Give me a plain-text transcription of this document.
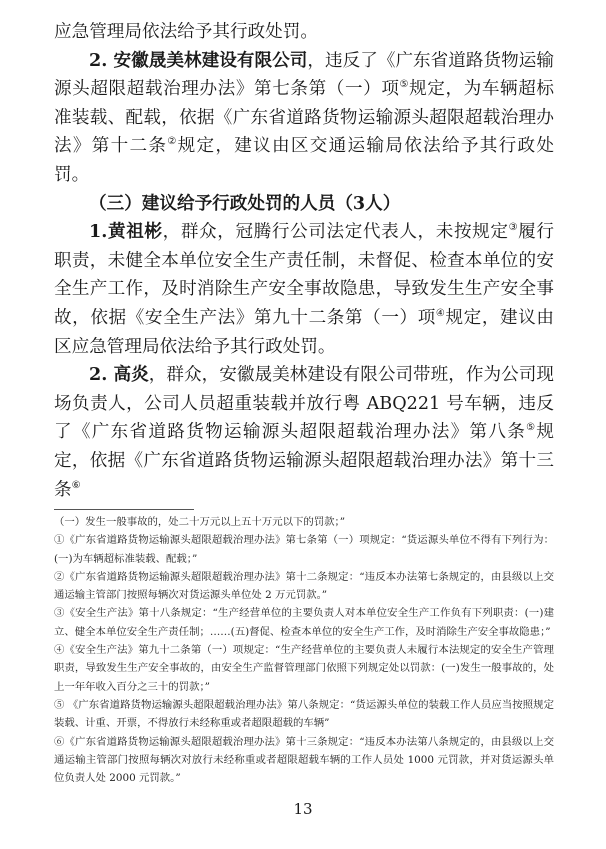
应急管理局依法给予其行政处罚。

2. 安徽晟美林建设有限公司，违反了《广东省道路货物运输源头超限超载治理办法》第七条第（一）项⑤规定，为车辆超标准装载、配载，依据《广东省道路货物运输源头超限超载治理办法》第十二条②规定，建议由区交通运输局依法给予其行政处罚。

（三）建议给予行政处罚的人员（3人）

1.黄祖彬，群众，冠腾行公司法定代表人，未按规定③履行职责，未健全本单位安全生产责任制，未督促、检查本单位的安全生产工作，及时消除生产安全事故隐患，导致发生生产安全事故，依据《安全生产法》第九十二条第（一）项④规定，建议由区应急管理局依法给予其行政处罚。

2. 高炎，群众，安徽晟美林建设有限公司带班，作为公司现场负责人，公司人员超重装载并放行粤 ABQ221 号车辆，违反了《广东省道路货物运输源头超限超载治理办法》第八条⑤规定，依据《广东省道路货物运输源头超限超载治理办法》第十三条⑥

（一）发生一般事故的，处二十万元以上五十万元以下的罚款；”

①《广东省道路货物运输源头超限超载治理办法》第七条第（一）项规定：“货运源头单位不得有下列行为：(一)为车辆超标准装载、配载；”

②《广东省道路货物运输源头超限超载治理办法》第十二条规定：“违反本办法第七条规定的，由县级以上交通运输主管部门按照每辆次对货运源头单位处 2 万元罚款。”

③《安全生产法》第十八条规定：“生产经营单位的主要负责人对本单位安全生产工作负有下列职责：(一)建立、健全本单位安全生产责任制；……(五)督促、检查本单位的安全生产工作，及时消除生产安全事故隐患；”

④《安全生产法》第九十二条第（一）项规定：“生产经营单位的主要负责人未履行本法规定的安全生产管理职责，导致发生生产安全事故的，由安全生产监督管理部门依照下列规定处以罚款：(一)发生一般事故的，处上一年年收入百分之三十的罚款；”

⑤ 《广东省道路货物运输源头超限超载治理办法》第八条规定：“货运源头单位的装载工作人员应当按照规定装载、计重、开票，不得放行未经称重或者超限超载的车辆”

⑥《广东省道路货物运输源头超限超载治理办法》第十三条规定：“违反本办法第八条规定的，由县级以上交通运输主管部门按照每辆次对放行未经称重或者超限超载车辆的工作人员处 1000 元罚款，并对货运源头单位负责人处 2000 元罚款。”

13
